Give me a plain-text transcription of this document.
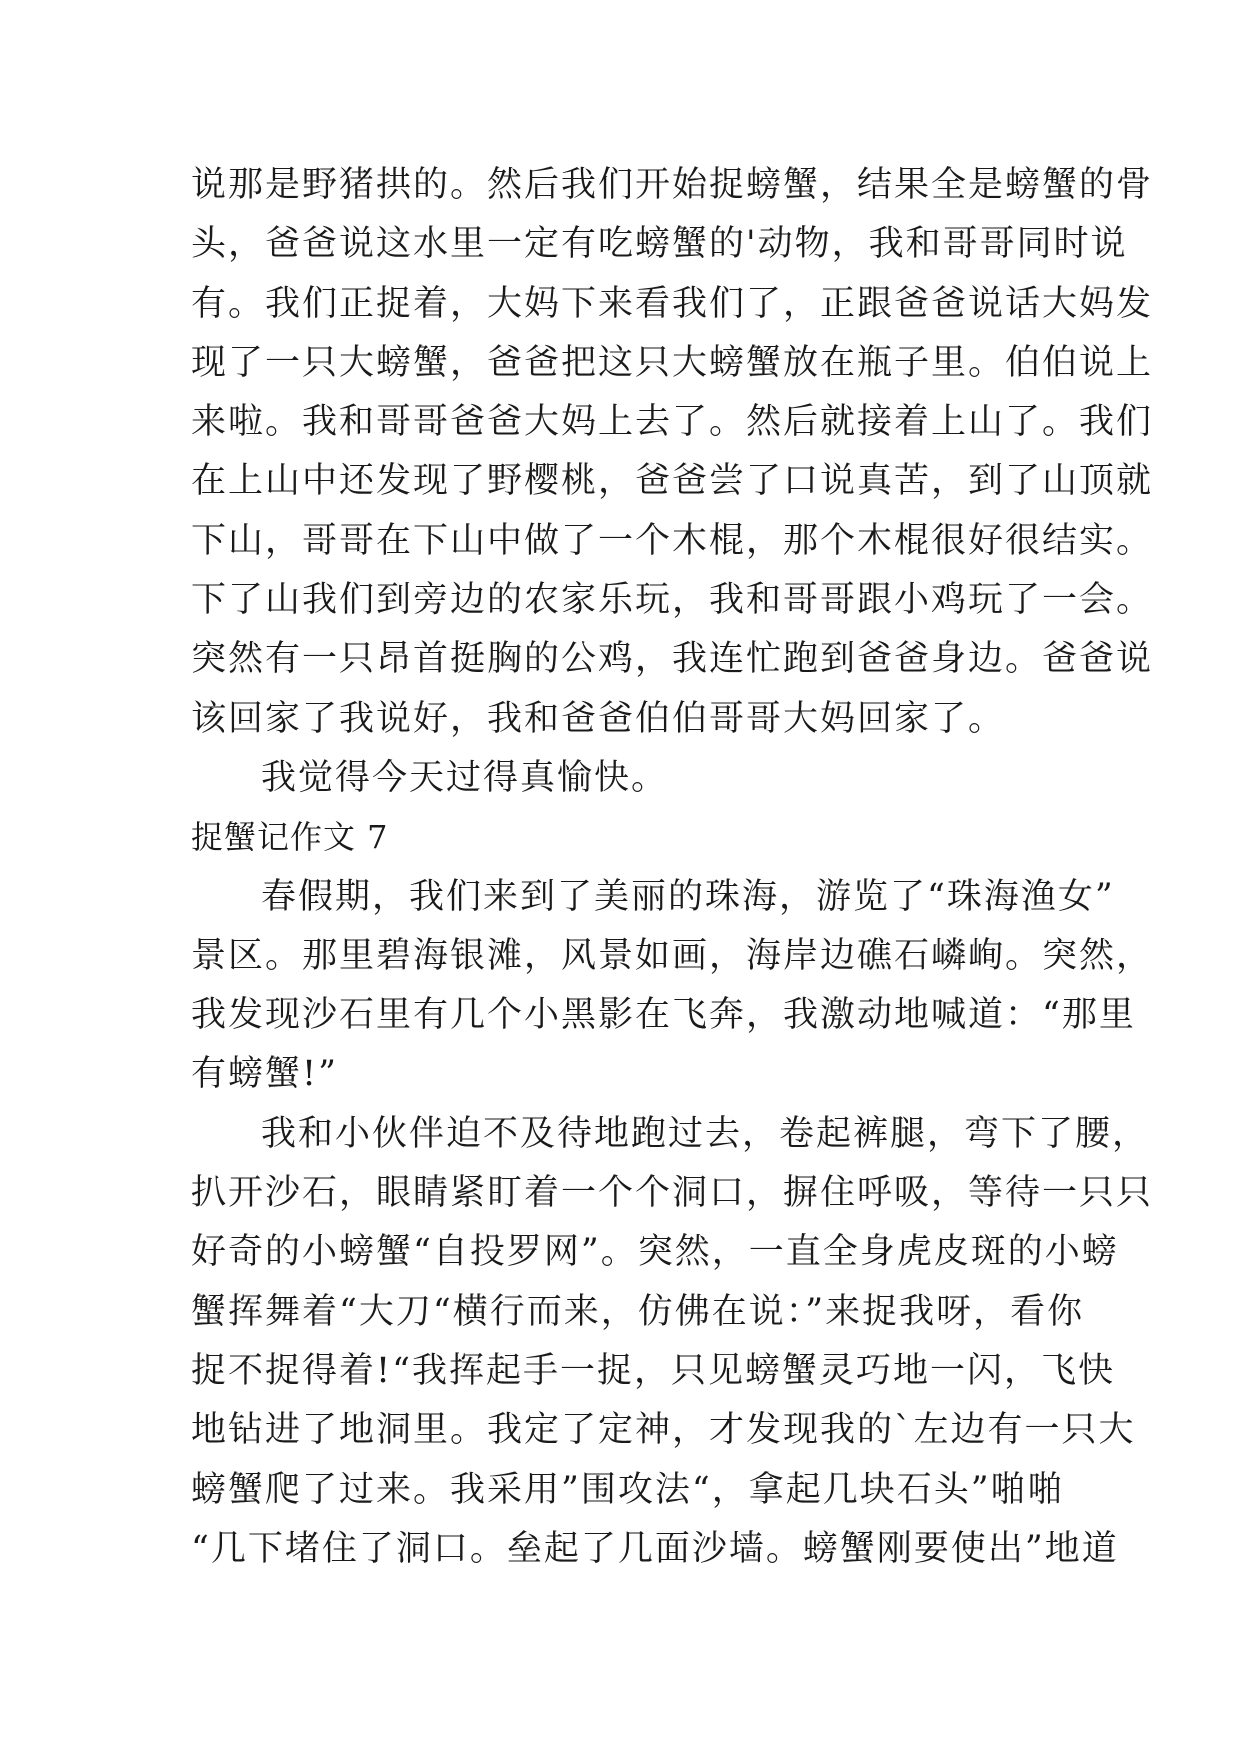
说那是野猪拱的。然后我们开始捉螃蟹，结果全是螃蟹的骨
头，爸爸说这水里一定有吃螃蟹的'动物，我和哥哥同时说
有。我们正捉着，大妈下来看我们了，正跟爸爸说话大妈发
现了一只大螃蟹，爸爸把这只大螃蟹放在瓶子里。伯伯说上
来啦。我和哥哥爸爸大妈上去了。然后就接着上山了。我们
在上山中还发现了野樱桃，爸爸尝了口说真苦，到了山顶就
下山，哥哥在下山中做了一个木棍，那个木棍很好很结实。
下了山我们到旁边的农家乐玩，我和哥哥跟小鸡玩了一会。
突然有一只昂首挺胸的公鸡，我连忙跑到爸爸身边。爸爸说
该回家了我说好，我和爸爸伯伯哥哥大妈回家了。
我觉得今天过得真愉快。
捉蟹记作文 7
春假期，我们来到了美丽的珠海，游览了“珠海渔女”
景区。那里碧海银滩，风景如画，海岸边礁石嶙峋。突然，
我发现沙石里有几个小黑影在飞奔，我激动地喊道：“那里
有螃蟹!”
我和小伙伴迫不及待地跑过去，卷起裤腿，弯下了腰，
扒开沙石，眼睛紧盯着一个个洞口，摒住呼吸，等待一只只
好奇的小螃蟹“自投罗网”。突然，一直全身虎皮斑的小螃
蟹挥舞着“大刀“横行而来，仿佛在说：”来捉我呀，看你
捉不捉得着!“我挥起手一捉，只见螃蟹灵巧地一闪，飞快
地钻进了地洞里。我定了定神，才发现我的`左边有一只大
螃蟹爬了过来。我采用”围攻法“，拿起几块石头”啪啪
“几下堵住了洞口。垒起了几面沙墙。螃蟹刚要使出”地道
